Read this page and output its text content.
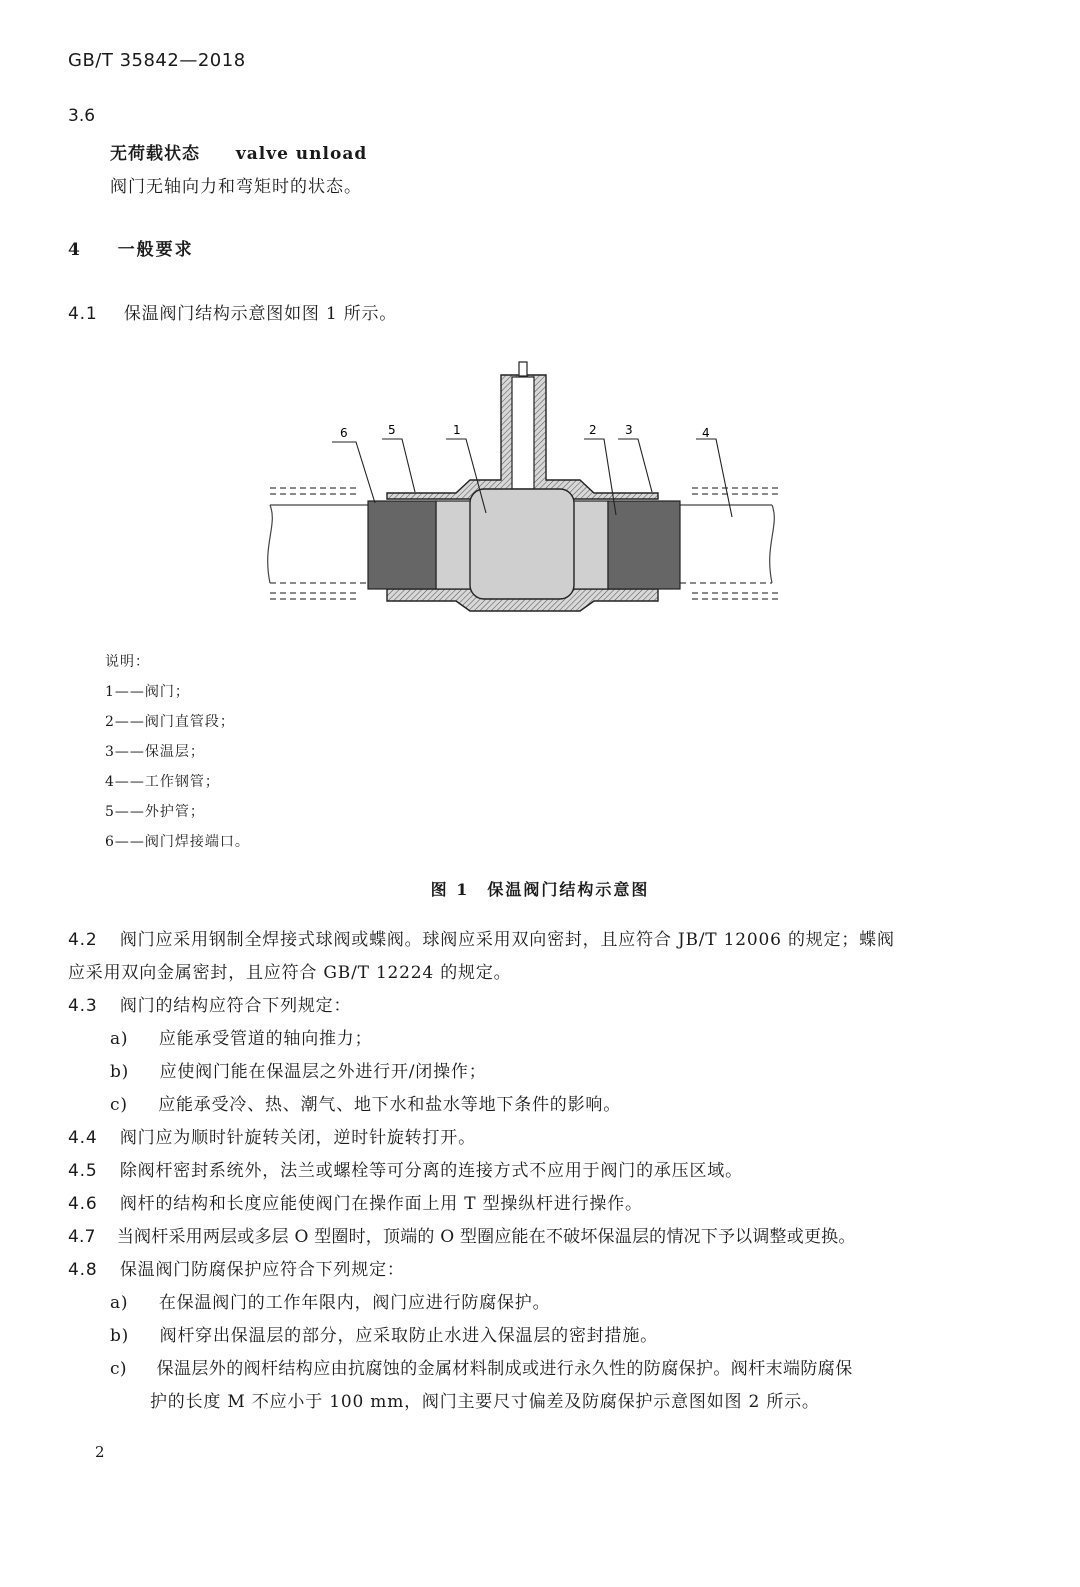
GB/T 35842—2018
3.6
无荷载状态 valve unload
阀门无轴向力和弯矩时的状态。
4 一般要求
4.1 保温阀门结构示意图如图 1 所示。
6	5	1	2 3	4
说明：
1——阀门；
2——阀门直管段；
3——保温层；
4——工作钢管；
5——外护管；
6——阀门焊接端口。
图 1　保温阀门结构示意图
4.2 阀门应采用钢制全焊接式球阀或蝶阀。球阀应采用双向密封，且应符合 JB/T 12006 的规定；蝶阀
应采用双向金属密封，且应符合 GB/T 12224 的规定。
4.3 阀门的结构应符合下列规定：
a) 应能承受管道的轴向推力；
b) 应使阀门能在保温层之外进行开/闭操作；
c) 应能承受冷、热、潮气、地下水和盐水等地下条件的影响。
4.4 阀门应为顺时针旋转关闭，逆时针旋转打开。
4.5 除阀杆密封系统外，法兰或螺栓等可分离的连接方式不应用于阀门的承压区域。
4.6 阀杆的结构和长度应能使阀门在操作面上用 T 型操纵杆进行操作。
4.7 当阀杆采用两层或多层 O 型圈时，顶端的 O 型圈应能在不破坏保温层的情况下予以调整或更换。
4.8 保温阀门防腐保护应符合下列规定：
a) 在保温阀门的工作年限内，阀门应进行防腐保护。
b) 阀杆穿出保温层的部分，应采取防止水进入保温层的密封措施。
c) 保温层外的阀杆结构应由抗腐蚀的金属材料制成或进行永久性的防腐保护。阀杆末端防腐保
护的长度 M 不应小于 100 mm，阀门主要尺寸偏差及防腐保护示意图如图 2 所示。
2
